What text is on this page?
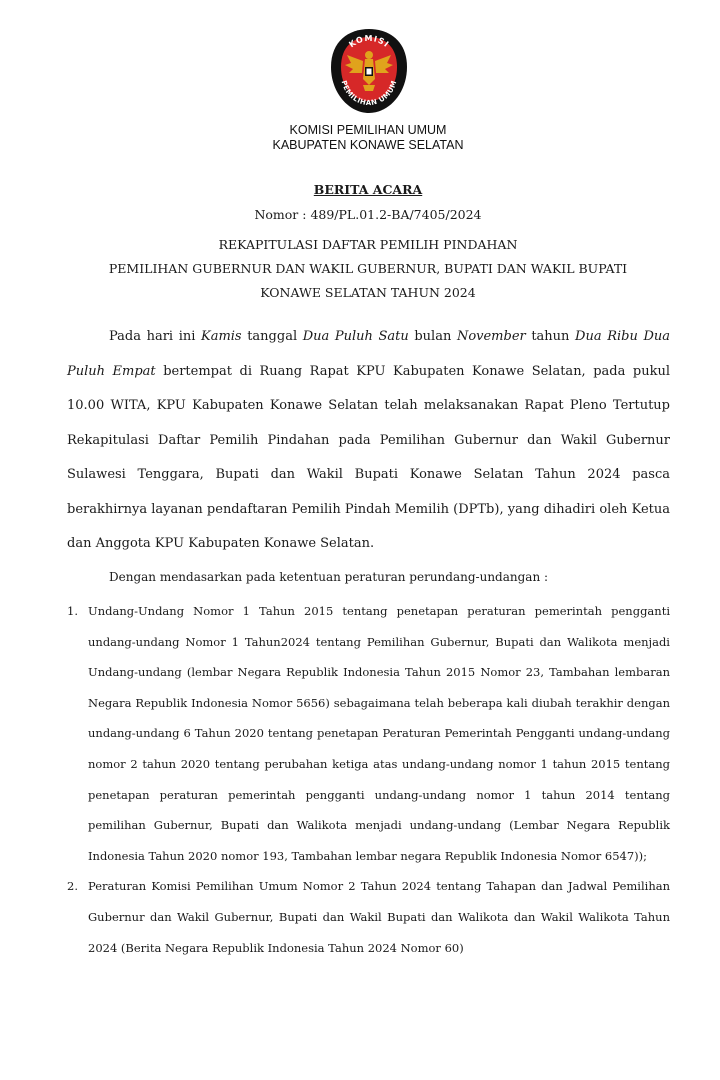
KOMISI
PEMILIHAN UMUM
KOMISI PEMILIHAN UMUM
KABUPATEN KONAWE SELATAN
BERITA ACARA
Nomor : 489/PL.01.2-BA/7405/2024
REKAPITULASI DAFTAR PEMILIH PINDAHAN
PEMILIHAN GUBERNUR DAN WAKIL GUBERNUR, BUPATI DAN WAKIL BUPATI
KONAWE SELATAN TAHUN 2024

Pada hari ini Kamis tanggal Dua Puluh Satu bulan November tahun Dua Ribu Dua Puluh Empat bertempat di Ruang Rapat KPU Kabupaten Konawe Selatan, pada pukul 10.00 WITA, KPU Kabupaten Konawe Selatan telah melaksanakan Rapat Pleno Tertutup Rekapitulasi Daftar Pemilih Pindahan pada Pemilihan Gubernur dan Wakil Gubernur Sulawesi Tenggara, Bupati dan Wakil Bupati Konawe Selatan Tahun 2024 pasca berakhirnya layanan pendaftaran Pemilih Pindah Memilih (DPTb), yang dihadiri oleh Ketua dan Anggota KPU Kabupaten Konawe Selatan.

Dengan mendasarkan pada ketentuan peraturan perundang-undangan :
1. Undang-Undang Nomor 1 Tahun 2015 tentang penetapan peraturan pemerintah pengganti undang-undang Nomor 1 Tahun2024 tentang Pemilihan Gubernur, Bupati dan Walikota menjadi Undang-undang (lembar Negara Republik Indonesia Tahun 2015 Nomor 23, Tambahan lembaran Negara Republik Indonesia Nomor 5656) sebagaimana telah beberapa kali diubah terakhir dengan undang-undang 6 Tahun 2020 tentang penetapan Peraturan Pemerintah Pengganti undang-undang nomor 2 tahun 2020 tentang perubahan ketiga atas undang-undang nomor 1 tahun 2015 tentang penetapan peraturan pemerintah pengganti undang-undang nomor 1 tahun 2014 tentang pemilihan Gubernur, Bupati dan Walikota menjadi undang-undang (Lembar Negara Republik Indonesia Tahun 2020 nomor 193, Tambahan lembar negara Republik Indonesia Nomor 6547));
2. Peraturan Komisi Pemilihan Umum Nomor 2 Tahun 2024 tentang Tahapan dan Jadwal Pemilihan Gubernur dan Wakil Gubernur, Bupati dan Wakil Bupati dan Walikota dan Wakil Walikota Tahun 2024 (Berita Negara Republik Indonesia Tahun 2024 Nomor 60)
